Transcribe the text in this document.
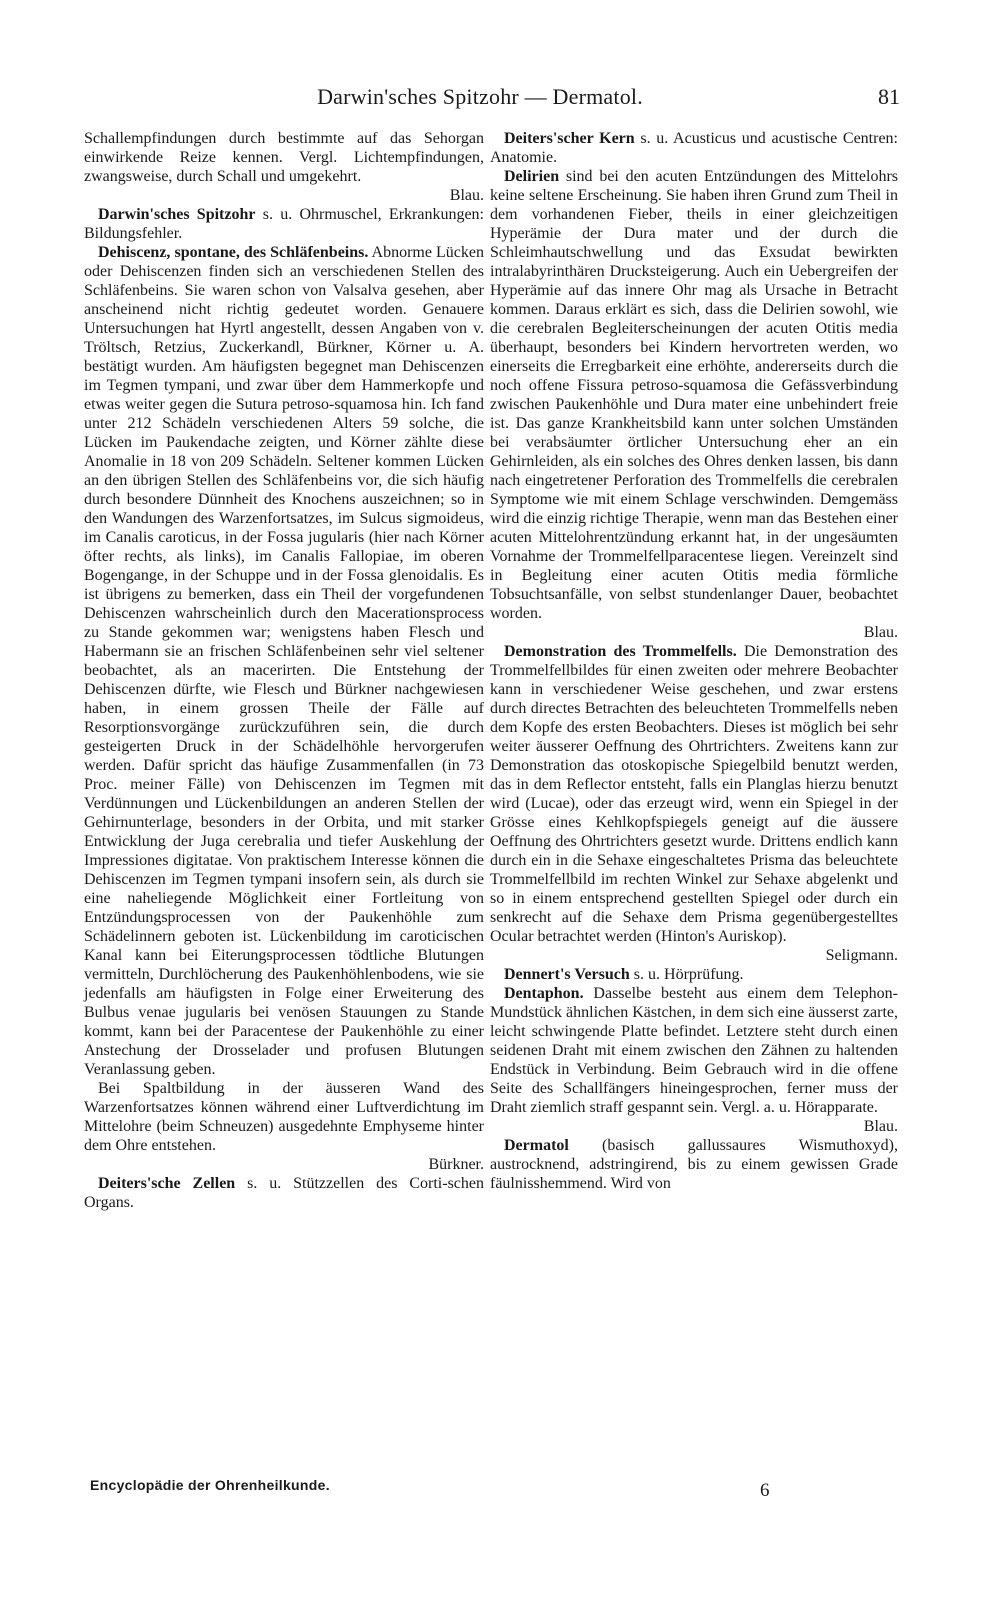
Darwin'sches Spitzohr — Dermatol.	81

Schallempfindungen durch bestimmte auf das Sehorgan einwirkende Reize kennen. Vergl. Lichtempfindungen, zwangsweise, durch Schall und umgekehrt.
Blau.

Darwin'sches Spitzohr s. u. Ohrmuschel, Erkrankungen: Bildungsfehler.

Dehiscenz, spontane, des Schläfenbeins. Abnorme Lücken oder Dehiscenzen finden sich an verschiedenen Stellen des Schläfenbeins. Sie waren schon von Valsalva gesehen, aber anscheinend nicht richtig gedeutet worden. Genauere Untersuchungen hat Hyrtl angestellt, dessen Angaben von v. Tröltsch, Retzius, Zuckerkandl, Bürkner, Körner u. A. bestätigt wurden. Am häufigsten begegnet man Dehiscenzen im Tegmen tympani, und zwar über dem Hammerkopfe und etwas weiter gegen die Sutura petroso-squamosa hin. Ich fand unter 212 Schädeln verschiedenen Alters 59 solche, die Lücken im Paukendache zeigten, und Körner zählte diese Anomalie in 18 von 209 Schädeln. Seltener kommen Lücken an den übrigen Stellen des Schläfenbeins vor, die sich häufig durch besondere Dünnheit des Knochens auszeichnen; so in den Wandungen des Warzenfortsatzes, im Sulcus sigmoideus, im Canalis caroticus, in der Fossa jugularis (hier nach Körner öfter rechts, als links), im Canalis Fallopiae, im oberen Bogengange, in der Schuppe und in der Fossa glenoidalis. Es ist übrigens zu bemerken, dass ein Theil der vorgefundenen Dehiscenzen wahrscheinlich durch den Macerationsprocess zu Stande gekommen war; wenigstens haben Flesch und Habermann sie an frischen Schläfenbeinen sehr viel seltener beobachtet, als an macerirten. Die Entstehung der Dehiscenzen dürfte, wie Flesch und Bürkner nachgewiesen haben, in einem grossen Theile der Fälle auf Resorptionsvorgänge zurückzuführen sein, die durch gesteigerten Druck in der Schädelhöhle hervorgerufen werden. Dafür spricht das häufige Zusammenfallen (in 73 Proc. meiner Fälle) von Dehiscenzen im Tegmen mit Verdünnungen und Lückenbildungen an anderen Stellen der Gehirnunterlage, besonders in der Orbita, und mit starker Entwicklung der Juga cerebralia und tiefer Auskehlung der Impressiones digitatae. Von praktischem Interesse können die Dehiscenzen im Tegmen tympani insofern sein, als durch sie eine naheliegende Möglichkeit einer Fortleitung von Entzündungsprocessen von der Paukenhöhle zum Schädelinnern geboten ist. Lückenbildung im caroticischen Kanal kann bei Eiterungsprocessen tödtliche Blutungen vermitteln, Durchlöcherung des Paukenhöhlenbodens, wie sie jedenfalls am häufigsten in Folge einer Erweiterung des Bulbus venae jugularis bei venösen Stauungen zu Stande kommt, kann bei der Paracentese der Paukenhöhle zu einer Anstechung der Drosselader und profusen Blutungen Veranlassung geben.

Bei Spaltbildung in der äusseren Wand des Warzenfortsatzes können während einer Luftverdichtung im Mittelohre (beim Schneuzen) ausgedehnte Emphyseme hinter dem Ohre entstehen.
Bürkner.

Deiters'sche Zellen s. u. Stützzellen des Corti-schen Organs.

Deiters'scher Kern s. u. Acusticus und acustische Centren: Anatomie.

Delirien sind bei den acuten Entzündungen des Mittelohrs keine seltene Erscheinung. Sie haben ihren Grund zum Theil in dem vorhandenen Fieber, theils in einer gleichzeitigen Hyperämie der Dura mater und der durch die Schleimhautschwellung und das Exsudat bewirkten intralabyrinthären Drucksteigerung. Auch ein Uebergreifen der Hyperämie auf das innere Ohr mag als Ursache in Betracht kommen. Daraus erklärt es sich, dass die Delirien sowohl, wie die cerebralen Begleiterscheinungen der acuten Otitis media überhaupt, besonders bei Kindern hervortreten werden, wo einerseits die Erregbarkeit eine erhöhte, andererseits durch die noch offene Fissura petroso-squamosa die Gefässverbindung zwischen Paukenhöhle und Dura mater eine unbehindert freie ist. Das ganze Krankheitsbild kann unter solchen Umständen bei verabsäumter örtlicher Untersuchung eher an ein Gehirnleiden, als ein solches des Ohres denken lassen, bis dann nach eingetretener Perforation des Trommelfells die cerebralen Symptome wie mit einem Schlage verschwinden. Demgemäss wird die einzig richtige Therapie, wenn man das Bestehen einer acuten Mittelohrentzündung erkannt hat, in der ungesäumten Vornahme der Trommelfellparacentese liegen. Vereinzelt sind in Begleitung einer acuten Otitis media förmliche Tobsuchtsanfälle, von selbst stundenlanger Dauer, beobachtet worden.
Blau.

Demonstration des Trommelfells. Die Demonstration des Trommelfellbildes für einen zweiten oder mehrere Beobachter kann in verschiedener Weise geschehen, und zwar erstens durch directes Betrachten des beleuchteten Trommelfells neben dem Kopfe des ersten Beobachters. Dieses ist möglich bei sehr weiter äusserer Oeffnung des Ohrtrichters. Zweitens kann zur Demonstration das otoskopische Spiegelbild benutzt werden, das in dem Reflector entsteht, falls ein Planglas hierzu benutzt wird (Lucae), oder das erzeugt wird, wenn ein Spiegel in der Grösse eines Kehlkopfspiegels geneigt auf die äussere Oeffnung des Ohrtrichters gesetzt wurde. Drittens endlich kann durch ein in die Sehaxe eingeschaltetes Prisma das beleuchtete Trommelfellbild im rechten Winkel zur Sehaxe abgelenkt und so in einem entsprechend gestellten Spiegel oder durch ein senkrecht auf die Sehaxe dem Prisma gegenübergestelltes Ocular betrachtet werden (Hinton's Auriskop).
Seligmann.

Dennert's Versuch s. u. Hörprüfung.

Dentaphon. Dasselbe besteht aus einem dem Telephon-Mundstück ähnlichen Kästchen, in dem sich eine äusserst zarte, leicht schwingende Platte befindet. Letztere steht durch einen seidenen Draht mit einem zwischen den Zähnen zu haltenden Endstück in Verbindung. Beim Gebrauch wird in die offene Seite des Schallfängers hineingesprochen, ferner muss der Draht ziemlich straff gespannt sein. Vergl. a. u. Hörapparate.
Blau.

Dermatol (basisch gallussaures Wismuthoxyd), austrocknend, adstringirend, bis zu einem gewissen Grade fäulnisshemmend. Wird von

Encyclopädie der Ohrenheilkunde.	6
